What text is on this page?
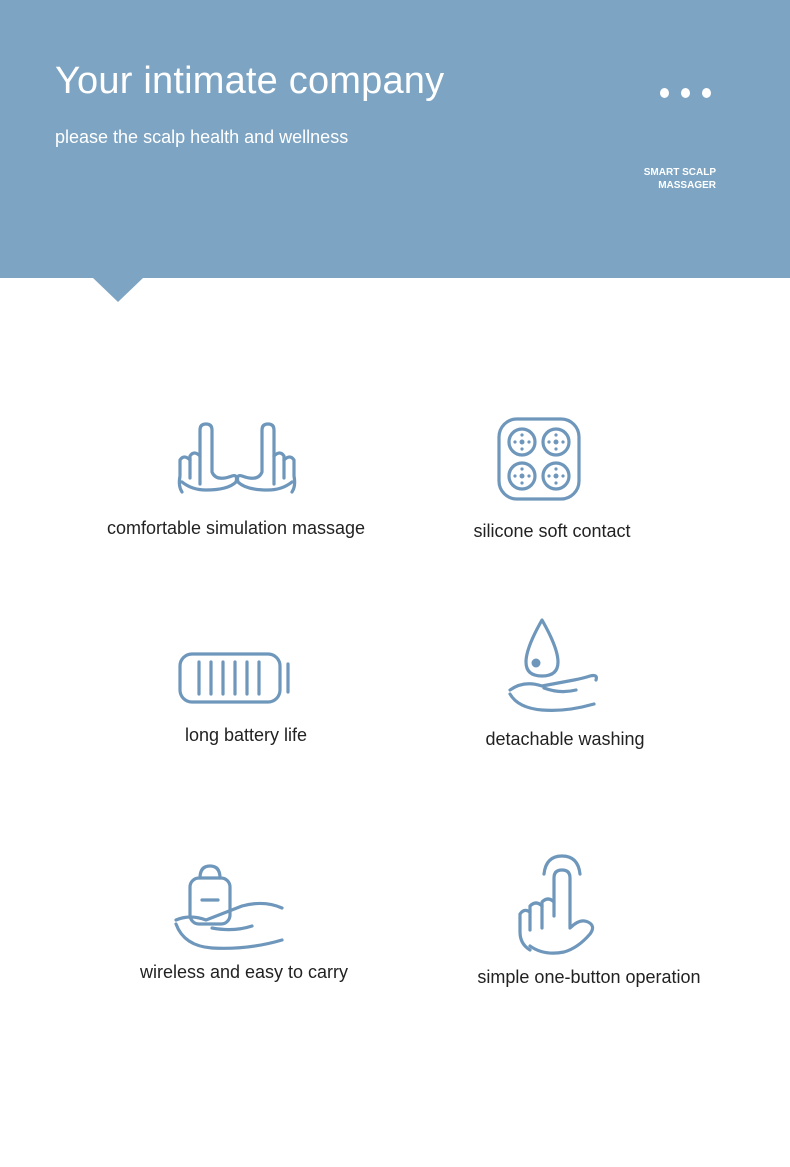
Your intimate company

please the scalp health and wellness

SMART SCALP
MASSAGER
comfortable simulation massage	silicone soft contact
long battery life	detachable washing
wireless and easy to carry	simple one-button operation
